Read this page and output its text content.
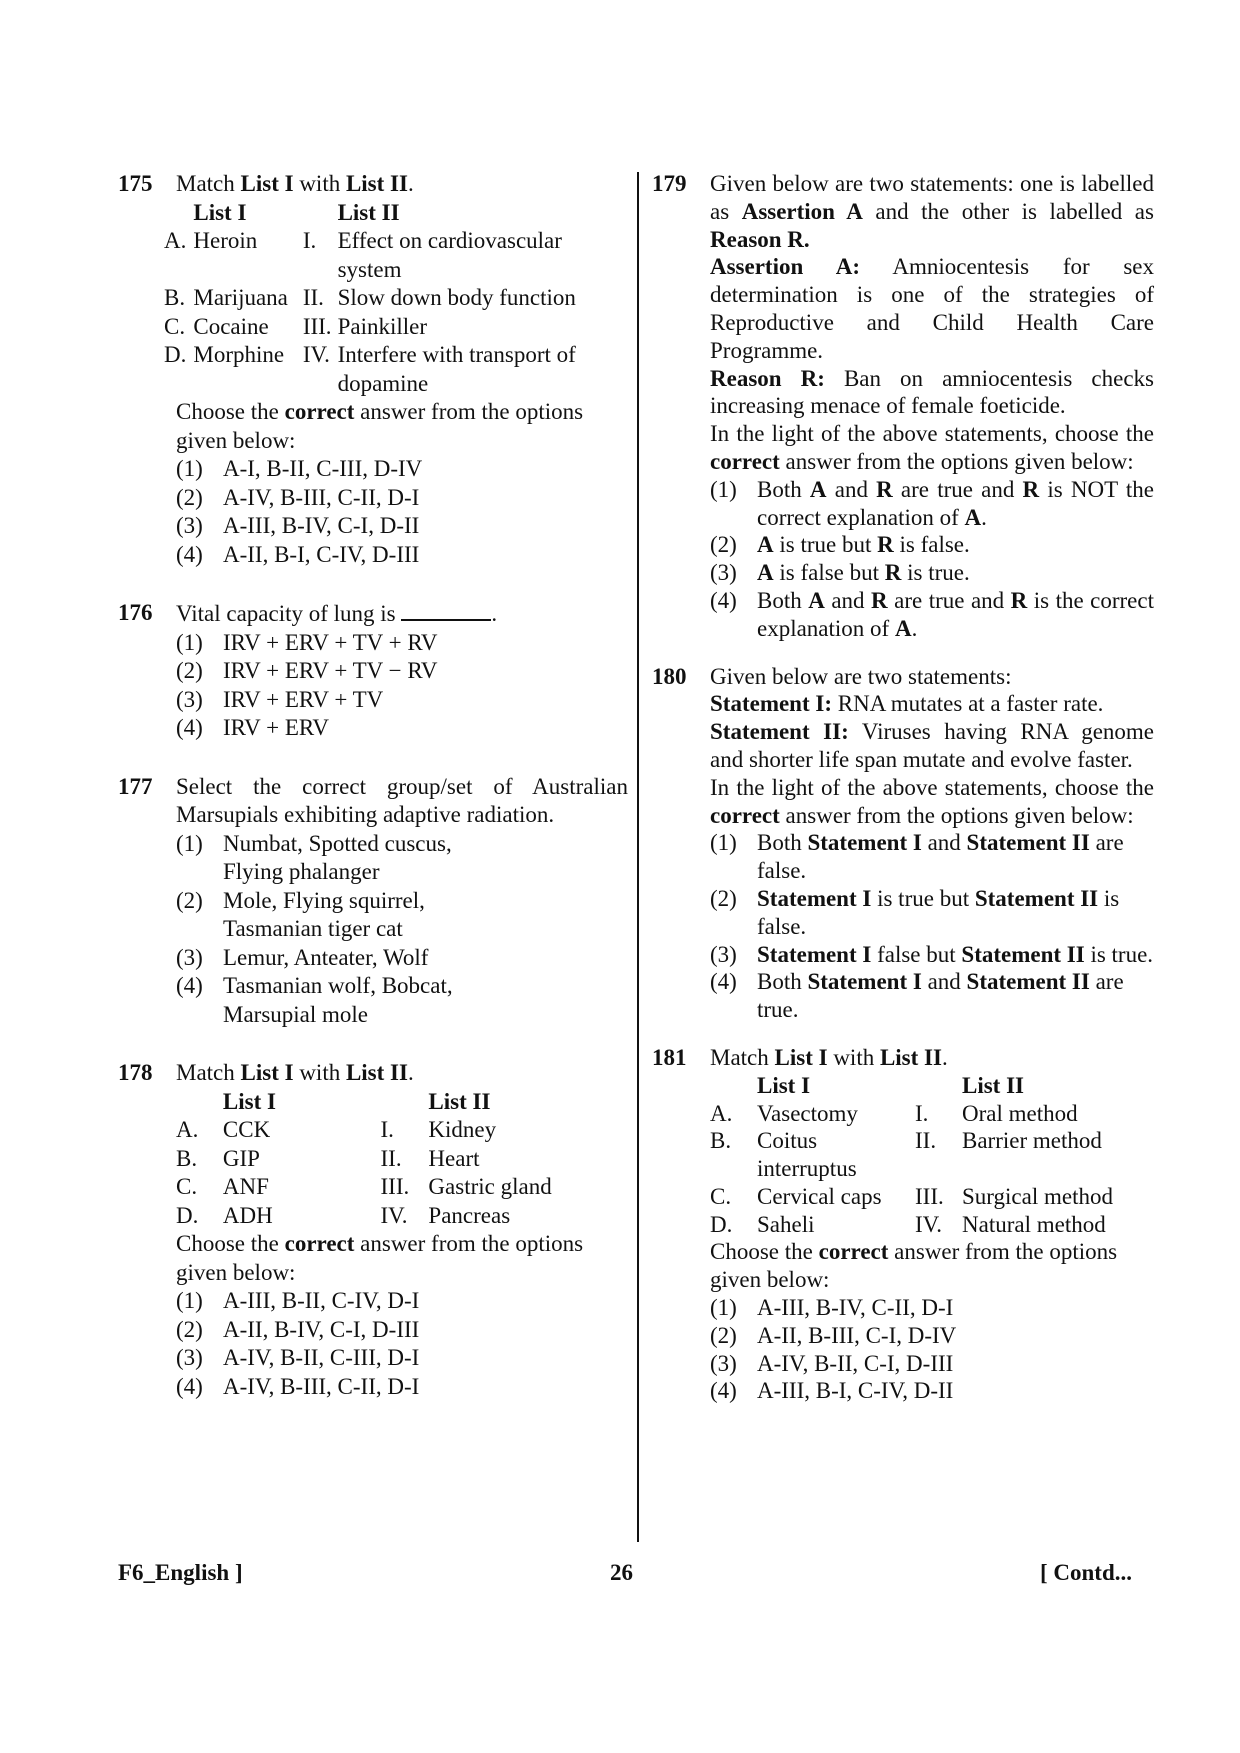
175 Match List I with List II.
	List I		List II
A.	Heroin	I.	Effect on cardiovascular system
B.	Marijuana	II.	Slow down body function
C.	Cocaine	III.	Painkiller
D.	Morphine	IV.	Interfere with transport of dopamine
Choose the correct answer from the options given below:
(1) A-I, B-II, C-III, D-IV
(2) A-IV, B-III, C-II, D-I
(3) A-III, B-IV, C-I, D-II
(4) A-II, B-I, C-IV, D-III
176 Vital capacity of lung is	.
(1) IRV + ERV + TV + RV
(2) IRV + ERV + TV − RV
(3) IRV + ERV + TV
(4) IRV + ERV
177 Select the correct group/set of Australian Marsupials exhibiting adaptive radiation.
(1) Numbat, Spotted cuscus, Flying phalanger
(2) Mole, Flying squirrel, Tasmanian tiger cat
(3) Lemur, Anteater, Wolf
(4) Tasmanian wolf, Bobcat, Marsupial mole
178 Match List I with List II.
	List I		List II
A.	CCK	I.	Kidney
B.	GIP	II.	Heart
C.	ANF	III.	Gastric gland
D.	ADH	IV.	Pancreas
Choose the correct answer from the options given below:
(1) A-III, B-II, C-IV, D-I
(2) A-II, B-IV, C-I, D-III
(3) A-IV, B-II, C-III, D-I
(4) A-IV, B-III, C-II, D-I
179 Given below are two statements: one is labelled as Assertion A and the other is labelled as Reason R.
Assertion A: Amniocentesis for sex determination is one of the strategies of Reproductive and Child Health Care Programme.
Reason R: Ban on amniocentesis checks increasing menace of female foeticide.
In the light of the above statements, choose the correct answer from the options given below:
(1) Both A and R are true and R is NOT the correct explanation of A.
(2) A is true but R is false.
(3) A is false but R is true.
(4) Both A and R are true and R is the correct explanation of A.
180 Given below are two statements:
Statement I: RNA mutates at a faster rate.
Statement II: Viruses having RNA genome and shorter life span mutate and evolve faster.
In the light of the above statements, choose the correct answer from the options given below:
(1) Both Statement I and Statement II are false.
(2) Statement I is true but Statement II is false.
(3) Statement I false but Statement II is true.
(4) Both Statement I and Statement II are true.
181 Match List I with List II.
	List I		List II
A.	Vasectomy	I.	Oral method
B.	Coitus interruptus	II.	Barrier method
C.	Cervical caps	III.	Surgical method
D.	Saheli	IV.	Natural method
Choose the correct answer from the options given below:
(1) A-III, B-IV, C-II, D-I
(2) A-II, B-III, C-I, D-IV
(3) A-IV, B-II, C-I, D-III
(4) A-III, B-I, C-IV, D-II
F6_English ]	26	[ Contd...
